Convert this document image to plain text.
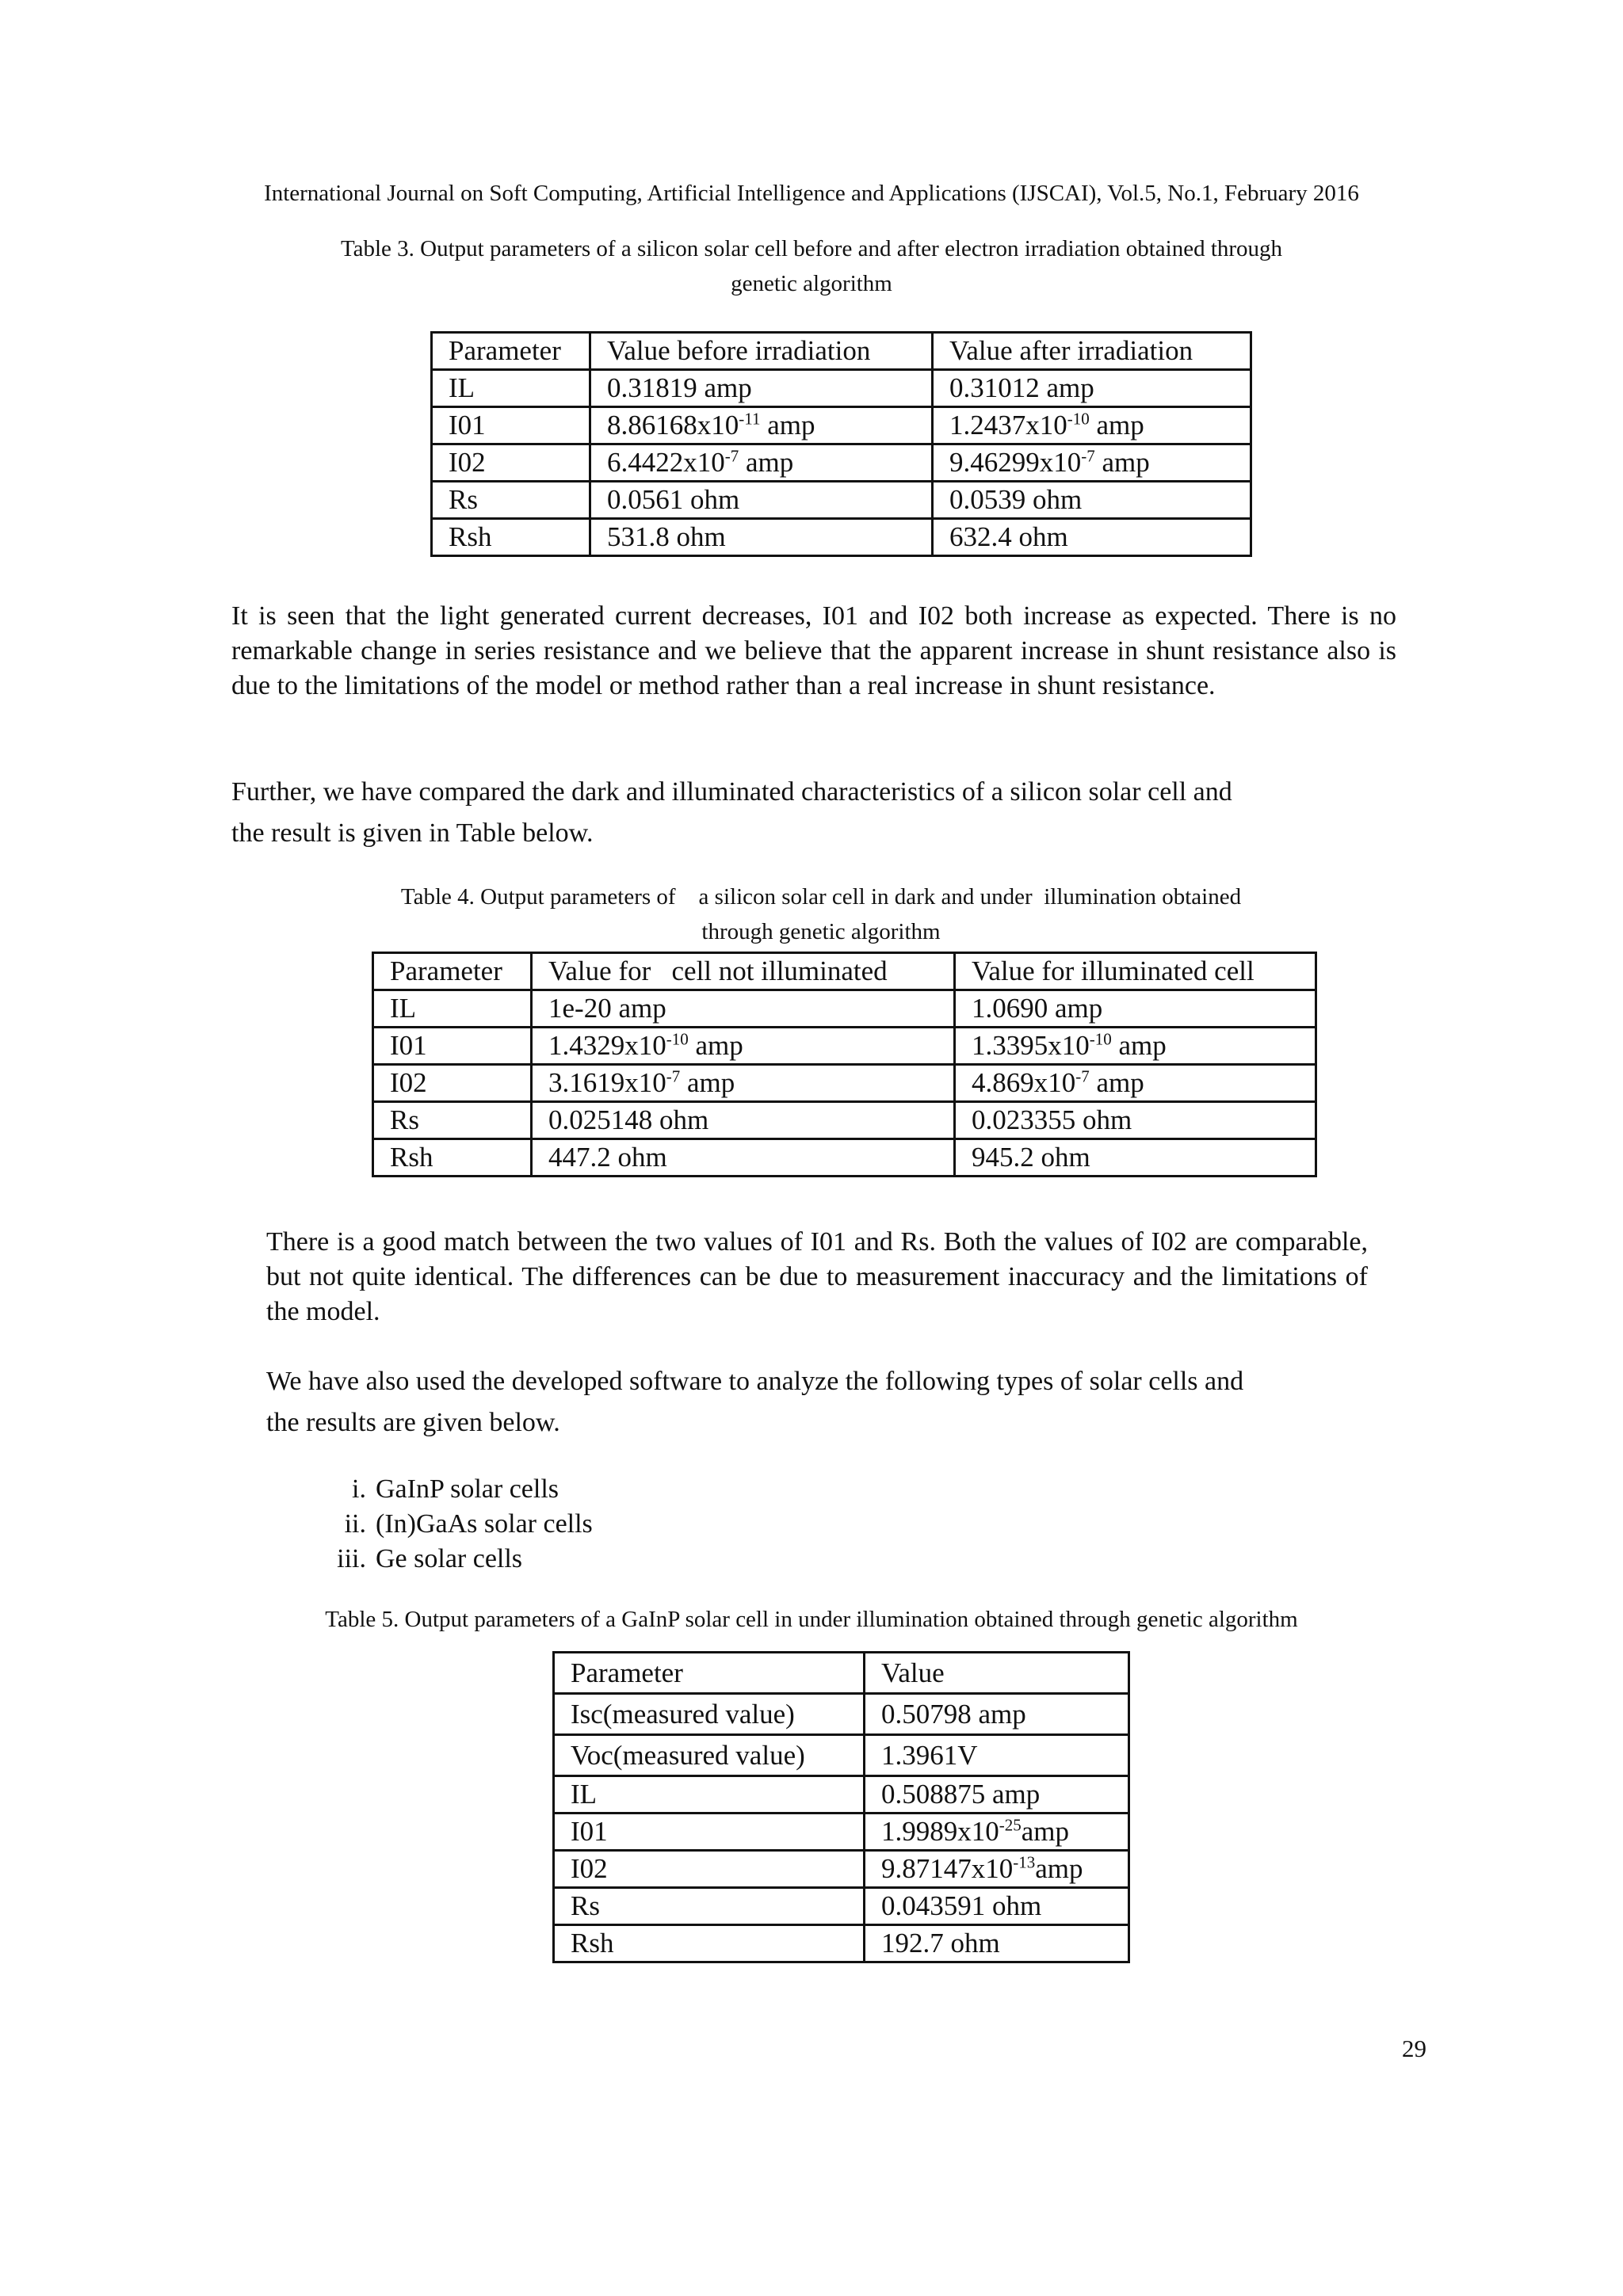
International Journal on Soft Computing, Artificial Intelligence and Applications (IJSCAI), Vol.5, No.1, February 2016

Table 3. Output parameters of a silicon solar cell before and after electron irradiation obtained through
genetic algorithm

Parameter	Value before irradiation	Value after irradiation
IL	0.31819 amp	0.31012 amp
I01	$8.86168x10^{-11}$ amp	$1.2437x10^{-10}$ amp
I02	$6.4422x10^{-7}$ amp	$9.46299x10^{-7}$ amp
Rs	0.0561 ohm	0.0539 ohm
Rsh	531.8 ohm	632.4 ohm

It is seen that the light generated current decreases, I01 and I02 both increase as expected. There is no remarkable change in series resistance and we believe that the apparent increase in shunt resistance also is due to the limitations of the model or method rather than a real increase in shunt resistance.

Further, we have compared the dark and illuminated characteristics of a silicon solar cell and
the result is given in Table below.

Table 4. Output parameters of    a silicon solar cell in dark and under  illumination obtained
through genetic algorithm

Parameter	Value for   cell not illuminated	Value for illuminated cell
IL	1e-20 amp	1.0690 amp
I01	$1.4329x10^{-10}$ amp	$1.3395x10^{-10}$ amp
I02	$3.1619x10^{-7}$ amp	$4.869x10^{-7}$ amp
Rs	0.025148 ohm	0.023355 ohm
Rsh	447.2 ohm	945.2 ohm

There is a good match between the two values of I01 and Rs. Both the values of I02 are comparable, but not quite identical. The differences can be due to measurement inaccuracy and the limitations of the model.

We have also used the developed software to analyze the following types of solar cells and
the results are given below.

i. GaInP solar cells
ii. (In)GaAs solar cells
iii. Ge solar cells

Table 5. Output parameters of a GaInP solar cell in under illumination obtained through genetic algorithm

Parameter	Value
Isc(measured value)	0.50798 amp
Voc(measured value)	1.3961V
IL	0.508875 amp
I01	$1.9989x10^{-25}amp$
I02	$9.87147x10^{-13}amp$
Rs	0.043591 ohm
Rsh	192.7 ohm

29
